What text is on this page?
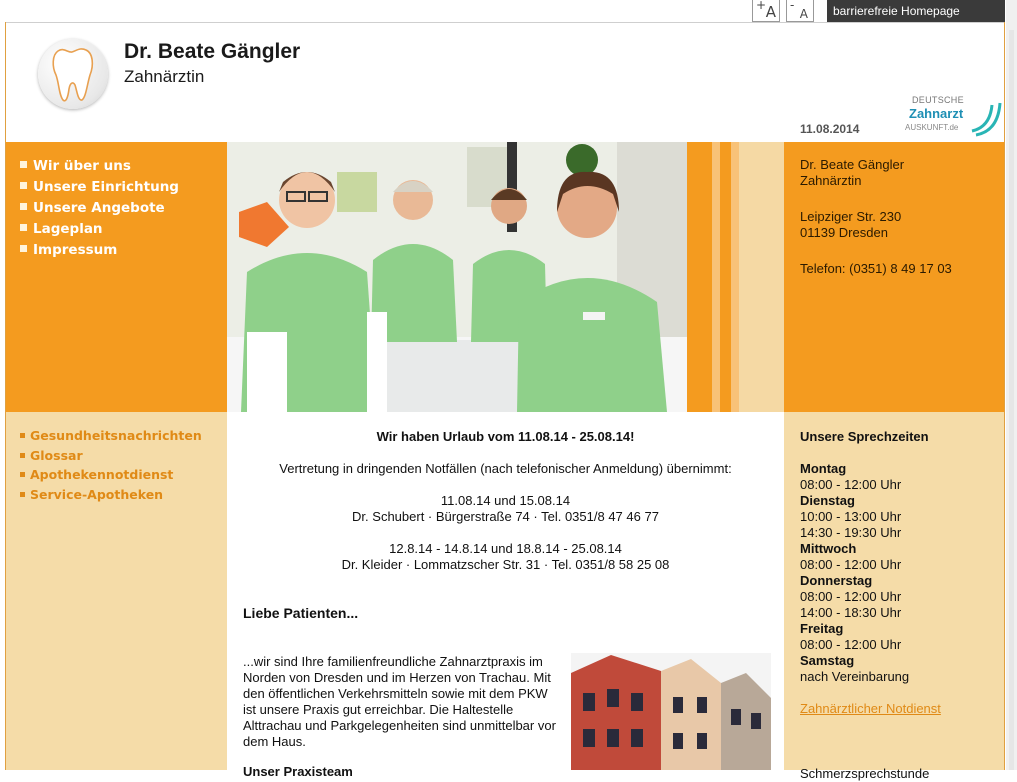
+ A -
A	barrierefreie Homepage
Dr. Beate Gängler
Zahnärztin
11.08.2014
DEUTSCHE
Zahnarzt
AUSKUNFT.de
Wir über uns
Unsere Einrichtung
Unsere Angebote
Lageplan
Impressum
Dr. Beate Gängler
Zahnärztin
Leipziger Str. 230
01139 Dresden
Telefon: (0351) 8 49 17 03
Gesundheitsnachrichten
Glossar
Apothekennotdienst
Service-Apotheken
Wir haben Urlaub vom 11.08.14 - 25.08.14!
Vertretung in dringenden Notfällen (nach telefonischer Anmeldung) übernimmt:
11.08.14 und 15.08.14
Dr. Schubert · Bürgerstraße 74 · Tel. 0351/8 47 46 77
12.8.14 - 14.8.14 und 18.8.14 - 25.08.14
Dr. Kleider · Lommatzscher Str. 31 · Tel. 0351/8 58 25 08
Liebe Patienten...
...wir sind Ihre familienfreundliche Zahnarztpraxis im Norden von Dresden und im Herzen von Trachau. Mit den öffentlichen Verkehrsmitteln sowie mit dem PKW ist unsere Praxis gut erreichbar. Die Haltestelle Alttrachau und Parkgelegenheiten sind unmittelbar vor dem Haus.
Unser Praxisteam
Unsere Sprechzeiten
Montag
08:00 - 12:00 Uhr
Dienstag
10:00 - 13:00 Uhr
14:30 - 19:30 Uhr
Mittwoch
08:00 - 12:00 Uhr
Donnerstag
08:00 - 12:00 Uhr
14:00 - 18:30 Uhr
Freitag
08:00 - 12:00 Uhr
Samstag
nach Vereinbarung
Zahnärztlicher Notdienst
Schmerzsprechstunde
